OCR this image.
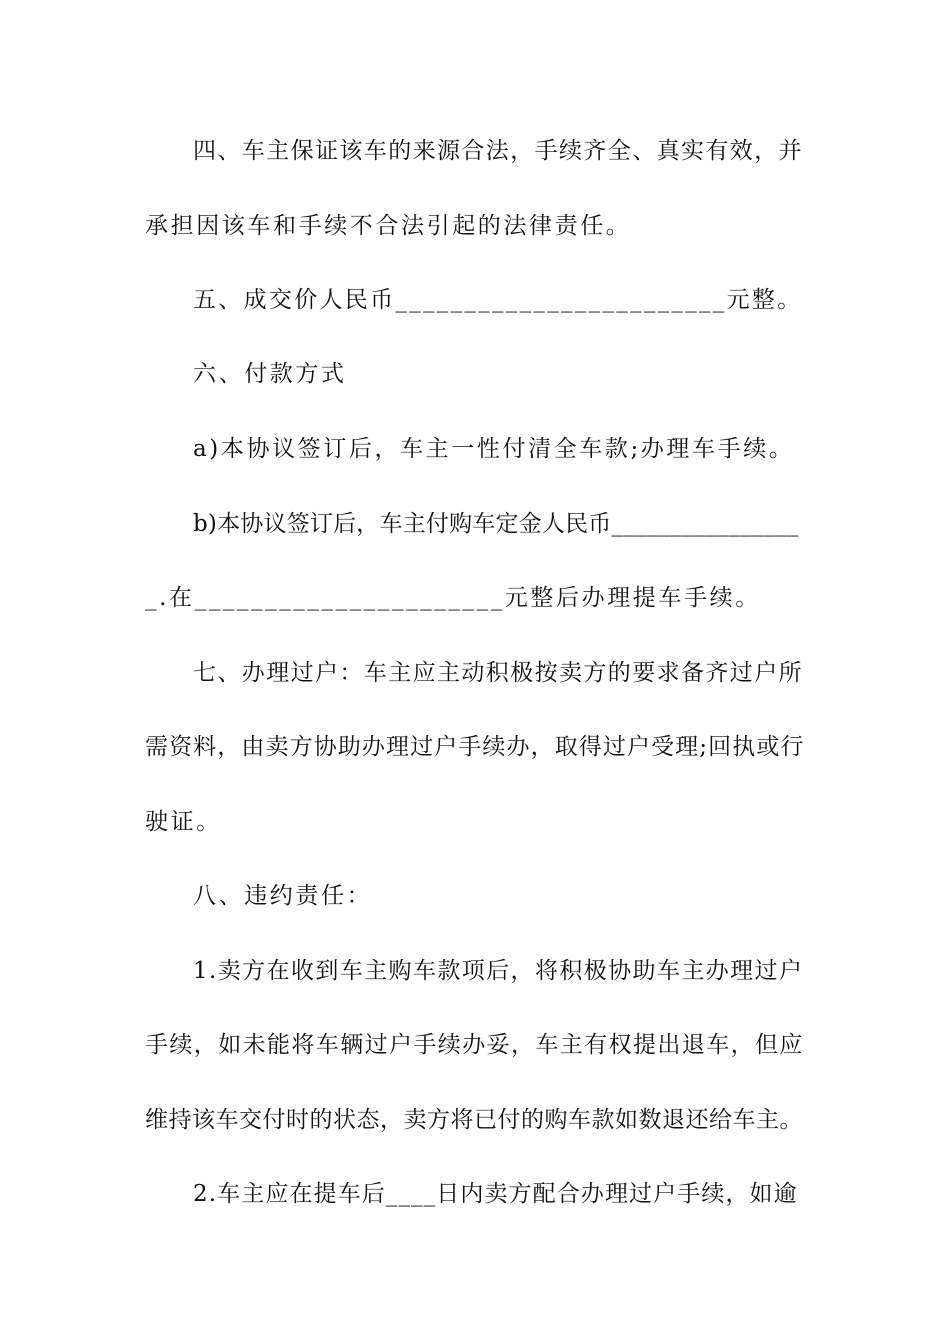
四、车主保证该车的来源合法，手续齐全、真实有效，并
承担因该车和手续不合法引起的法律责任。
五、成交价人民币________________________元整。
六、付款方式
a)本协议签订后，车主一性付清全车款;办理车手续。
b)本协议签订后，车主付购车定金人民币________________
_.在______________________元整后办理提车手续。
七、办理过户：车主应主动积极按卖方的要求备齐过户所
需资料，由卖方协助办理过户手续办，取得过户受理;回执或行
驶证。
八、违约责任：
1.卖方在收到车主购车款项后，将积极协助车主办理过户
手续，如未能将车辆过户手续办妥，车主有权提出退车，但应
维持该车交付时的状态，卖方将已付的购车款如数退还给车主。
2.车主应在提车后____日内卖方配合办理过户手续，如逾
